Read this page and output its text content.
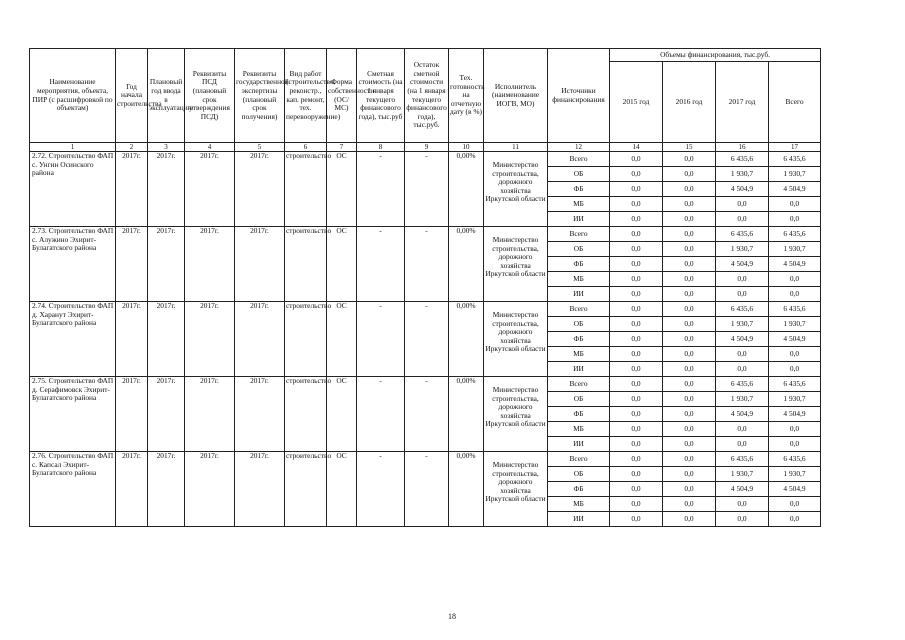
Наименование мероприятия, объекта, ПИР (с расшифровкой по объектам)	Год начала строительства	Плановый год ввода в эксплуатацию	Реквизиты ПСД (плановый срок утверждения ПСД)	Реквизиты государственной экспертизы (плановый срок получения)	Вид работ (строительство, реконстр., кап. ремонт, тех. перевооружение)	Форма собственности (ОС/МС)	Сметная стоимость (на 1 января текущего финансового года), тыс.руб	Остаток сметной стоимости (на 1 января текущего финансового года), тыс.руб.	Тех. готовность на отчетную дату (в %)	Исполнитель (наименование ИОГВ, МО)	Источники финансирования	Объемы финансирования, тыс.руб.			
												2015 год	2016 год	2017 год	Всего
1	2	3	4	5	6	7	8	9	10	11	12	14	15	16	17
2.72. Строительство ФАП с. Унгин Осинского района	2017г.	2017г.	2017г.	2017г.	строительство	ОС	-	-	0,00%	Министерство строительства, дорожного хозяйства Иркутской области	Всего	0,0	0,0	6 435,6	6 435,6
											ОБ	0,0	0,0	1 930,7	1 930,7
											ФБ	0,0	0,0	4 504,9	4 504,9
											МБ	0,0	0,0	0,0	0,0
											ИИ	0,0	0,0	0,0	0,0
2.73. Строительство ФАП с. Алужино Эхирит-Булагатского района	2017г.	2017г.	2017г.	2017г.	строительство	ОС	-	-	0,00%	Министерство строительства, дорожного хозяйства Иркутской области	Всего	0,0	0,0	6 435,6	6 435,6
											ОБ	0,0	0,0	1 930,7	1 930,7
											ФБ	0,0	0,0	4 504,9	4 504,9
											МБ	0,0	0,0	0,0	0,0
											ИИ	0,0	0,0	0,0	0,0
2.74. Строительство ФАП д. Харанут Эхирит-Булагатского района	2017г.	2017г.	2017г.	2017г.	строительство	ОС	-	-	0,00%	Министерство строительства, дорожного хозяйства Иркутской области	Всего	0,0	0,0	6 435,6	6 435,6
											ОБ	0,0	0,0	1 930,7	1 930,7
											ФБ	0,0	0,0	4 504,9	4 504,9
											МБ	0,0	0,0	0,0	0,0
											ИИ	0,0	0,0	0,0	0,0
2.75. Строительство ФАП д. Серафимовск Эхирит-Булагатского района	2017г.	2017г.	2017г.	2017г.	строительство	ОС	-	-	0,00%	Министерство строительства, дорожного хозяйства Иркутской области	Всего	0,0	0,0	6 435,6	6 435,6
											ОБ	0,0	0,0	1 930,7	1 930,7
											ФБ	0,0	0,0	4 504,9	4 504,9
											МБ	0,0	0,0	0,0	0,0
											ИИ	0,0	0,0	0,0	0,0
2.76. Строительство ФАП с. Капсал Эхирит-Булагатского района	2017г.	2017г.	2017г.	2017г.	строительство	ОС	-	-	0,00%	Министерство строительства, дорожного хозяйства Иркутской области	Всего	0,0	0,0	6 435,6	6 435,6
											ОБ	0,0	0,0	1 930,7	1 930,7
											ФБ	0,0	0,0	4 504,9	4 504,9
											МБ	0,0	0,0	0,0	0,0
											ИИ	0,0	0,0	0,0	0,0
18
